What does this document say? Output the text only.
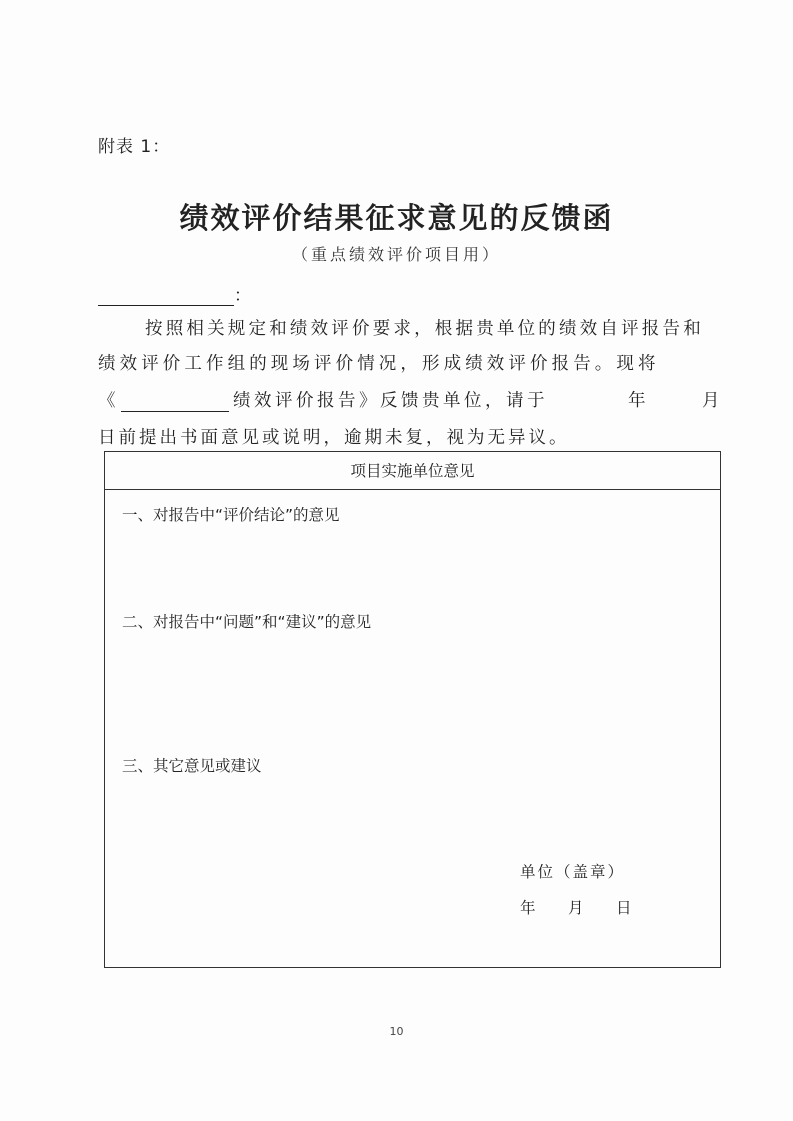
附表 1：
绩效评价结果征求意见的反馈函
（重点绩效评价项目用）
：
按照相关规定和绩效评价要求，根据贵单位的绩效自评报告和
绩效评价工作组的现场评价情况，形成绩效评价报告。现将
《	绩效评价报告》反馈贵单位，请于	年	月
日前提出书面意见或说明，逾期未复，视为无异议。
项目实施单位意见
一、对报告中“评价结论”的意见
二、对报告中“问题”和“建议”的意见
三、其它意见或建议
单位（盖章）
年 月 日
10
